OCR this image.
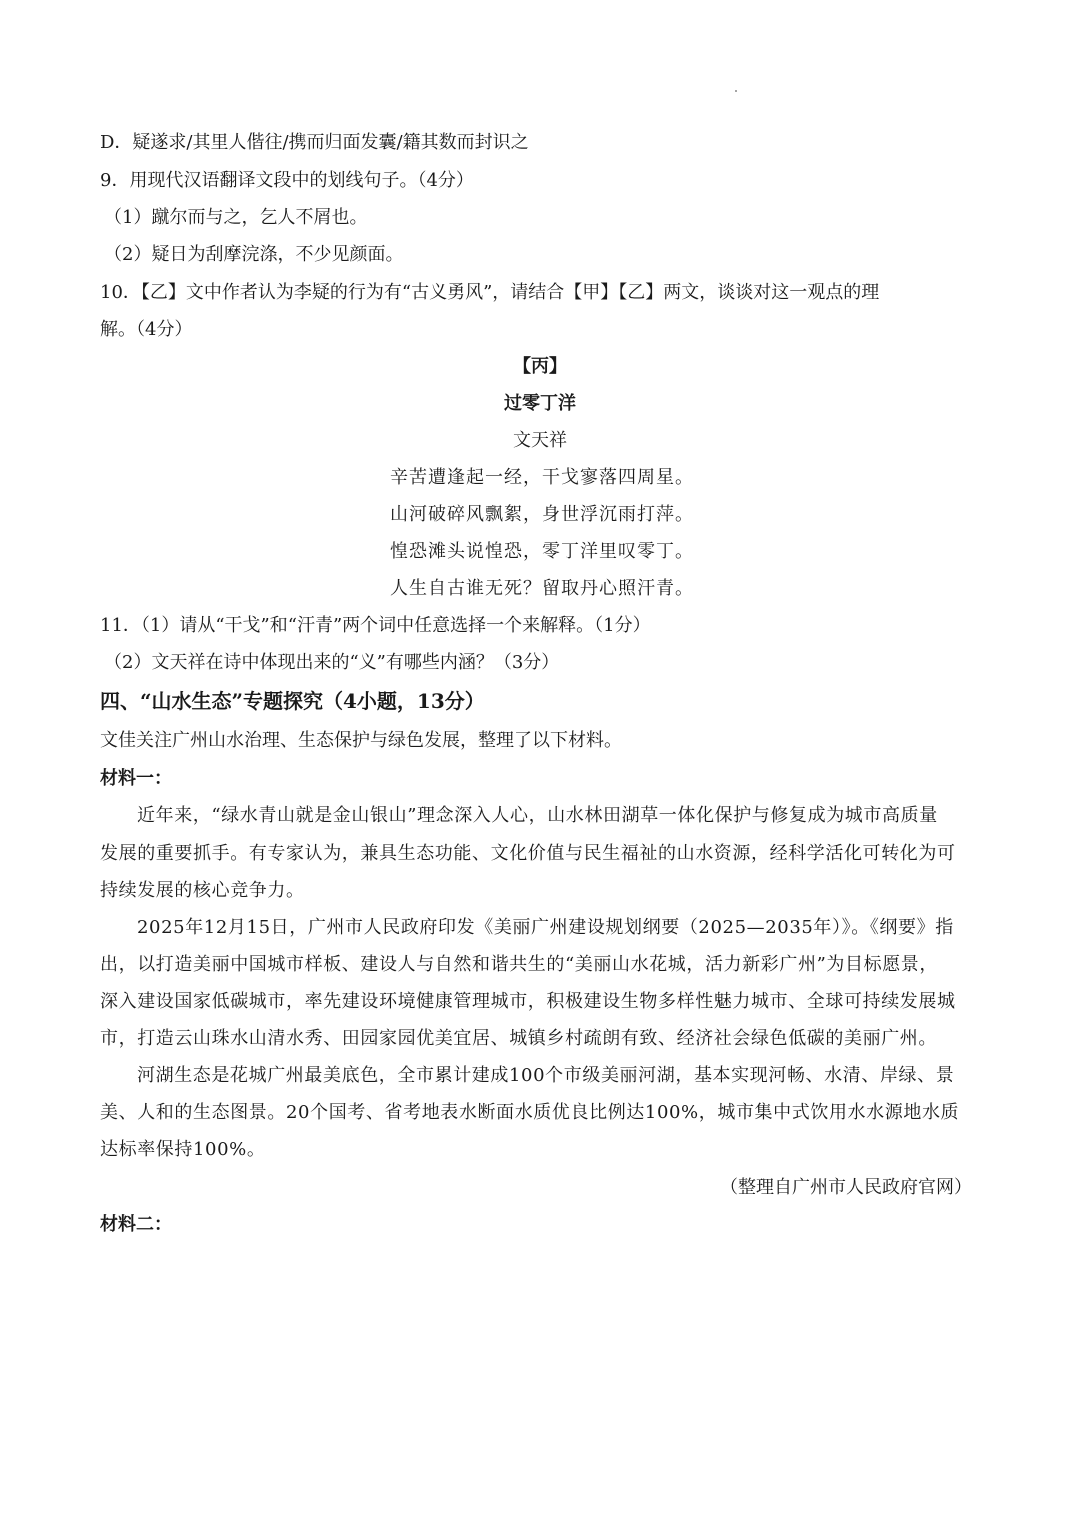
D．疑遂求/其里人偕往/携而归面发囊/籍其数而封识之
9．用现代汉语翻译文段中的划线句子。（4分）
（1）蹴尔而与之，乞人不屑也。
（2）疑日为刮摩浣涤，不少见颜面。
10．【乙】文中作者认为李疑的行为有“古义勇风”，请结合【甲】【乙】两文，谈谈对这一观点的理
解。（4分）
【丙】
过零丁洋
文天祥
辛苦遭逢起一经，干戈寥落四周星。
山河破碎风飘絮，身世浮沉雨打萍。
惶恐滩头说惶恐，零丁洋里叹零丁。
人生自古谁无死？留取丹心照汗青。
11．（1）请从“干戈”和“汗青”两个词中任意选择一个来解释。（1分）
（2）文天祥在诗中体现出来的“义”有哪些内涵？（3分）
四、“山水生态”专题探究（4小题，13分）
文佳关注广州山水治理、生态保护与绿色发展，整理了以下材料。
材料一：
近年来，“绿水青山就是金山银山”理念深入人心，山水林田湖草一体化保护与修复成为城市高质量
发展的重要抓手。有专家认为，兼具生态功能、文化价值与民生福祉的山水资源，经科学活化可转化为可
持续发展的核心竞争力。
2025年12月15日，广州市人民政府印发《美丽广州建设规划纲要（2025—2035年）》。《纲要》指
出，以打造美丽中国城市样板、建设人与自然和谐共生的“美丽山水花城，活力新彩广州”为目标愿景，
深入建设国家低碳城市，率先建设环境健康管理城市，积极建设生物多样性魅力城市、全球可持续发展城
市，打造云山珠水山清水秀、田园家园优美宜居、城镇乡村疏朗有致、经济社会绿色低碳的美丽广州。
河湖生态是花城广州最美底色，全市累计建成100个市级美丽河湖，基本实现河畅、水清、岸绿、景
美、人和的生态图景。20个国考、省考地表水断面水质优良比例达100%，城市集中式饮用水水源地水质
达标率保持100%。
（整理自广州市人民政府官网）
材料二：
